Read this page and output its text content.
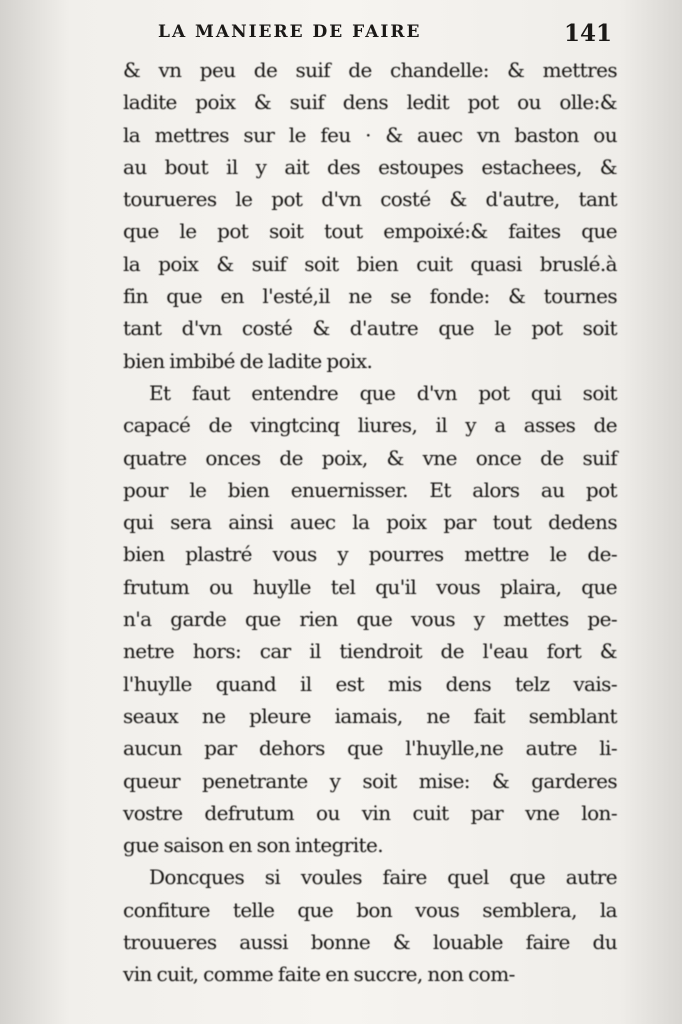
LA MANIERE DE FAIRE	141
& vn peu de suif de chandelle: & mettres
ladite poix & suif dens ledit pot ou olle:&
la mettres sur le feu · & auec vn baston ou
au bout il y ait des estoupes estachees, &
tourueres le pot d'vn costé & d'autre, tant
que le pot soit tout empoixé:& faites que
la poix & suif soit bien cuit quasi bruslé.à
fin que en l'esté,il ne se fonde: & tournes
tant d'vn costé & d'autre que le pot soit
bien imbibé de ladite poix.
Et faut entendre que d'vn pot qui soit
capacé de vingtcinq liures, il y a asses de
quatre onces de poix, & vne once de suif
pour le bien enuernisser. Et alors au pot
qui sera ainsi auec la poix par tout dedens
bien plastré vous y pourres mettre le de-
frutum ou huylle tel qu'il vous plaira, que
n'a garde que rien que vous y mettes pe-
netre hors: car il tiendroit de l'eau fort &
l'huylle quand il est mis dens telz vais-
seaux ne pleure iamais, ne fait semblant
aucun par dehors que l'huylle,ne autre li-
queur penetrante y soit mise: & garderes
vostre defrutum ou vin cuit par vne lon-
gue saison en son integrite.
Doncques si voules faire quel que autre
confiture telle que bon vous semblera, la
trouueres aussi bonne & louable faire du
vin cuit, comme faite en succre, non com-
